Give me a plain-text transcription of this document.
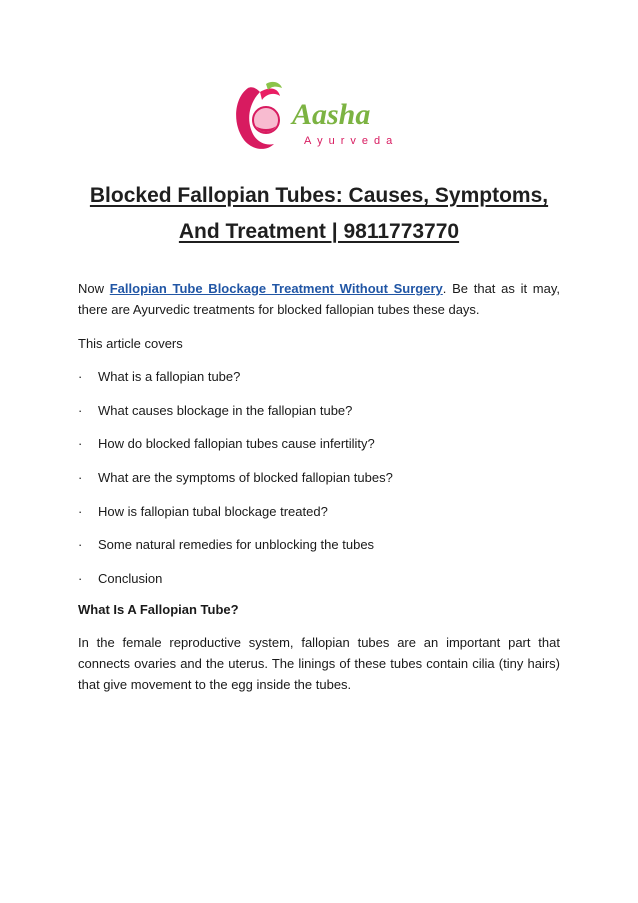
Aasha
Ayurveda
Blocked Fallopian Tubes: Causes, Symptoms,
And Treatment | 9811773770

Now Fallopian Tube Blockage Treatment Without Surgery. Be that as it may, there are Ayurvedic treatments for blocked fallopian tubes these days.

This article covers

· What is a fallopian tube?
· What causes blockage in the fallopian tube?
· How do blocked fallopian tubes cause infertility?
· What are the symptoms of blocked fallopian tubes?
· How is fallopian tubal blockage treated?
· Some natural remedies for unblocking the tubes
· Conclusion
What Is A Fallopian Tube?

In the female reproductive system, fallopian tubes are an important part that connects ovaries and the uterus. The linings of these tubes contain cilia (tiny hairs) that give movement to the egg inside the tubes.
